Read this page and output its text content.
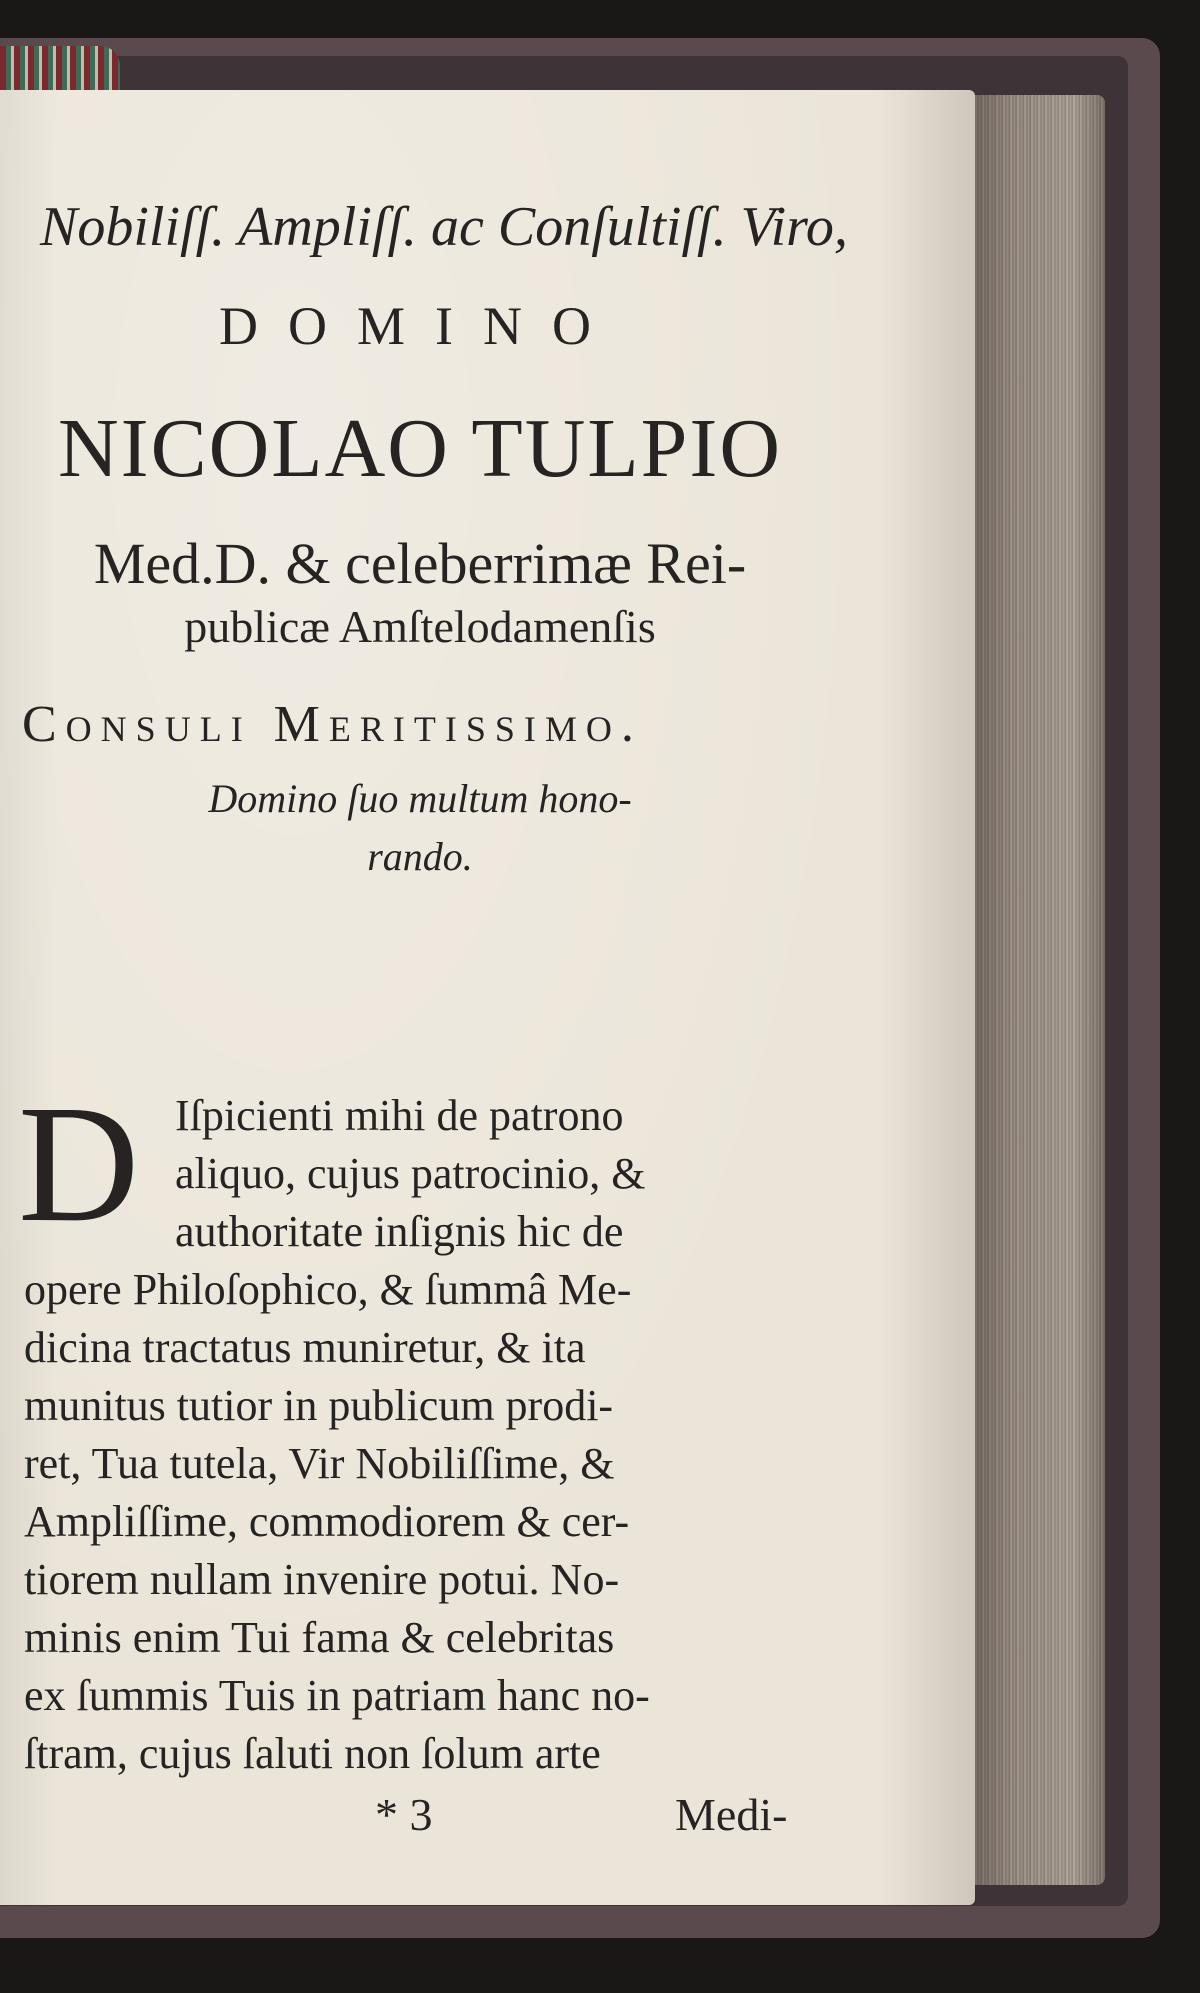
Nobiliſſ. Ampliſſ. ac Conſultiſſ. Viro,
DOMINO
NICOLAO TULPIO
Med.D. & celeberrimæ Rei-
publicæ Amſtelodamenſis
Consuli Meritissimo.
Domino ſuo multum hono-
rando.
D Iſpicienti mihi de patrono
aliquo, cujus patrocinio, &
authoritate inſignis hic de
opere Philoſophico, & ſummâ Me-
dicina tractatus muniretur, & ita
munitus tutior in publicum prodi-
ret, Tua tutela, Vir Nobiliſſime, &
Ampliſſime, commodiorem & cer-
tiorem nullam invenire potui. No-
minis enim Tui fama & celebritas
ex ſummis Tuis in patriam hanc no-
ſtram, cujus ſaluti non ſolum arte
* 3	Medi-
